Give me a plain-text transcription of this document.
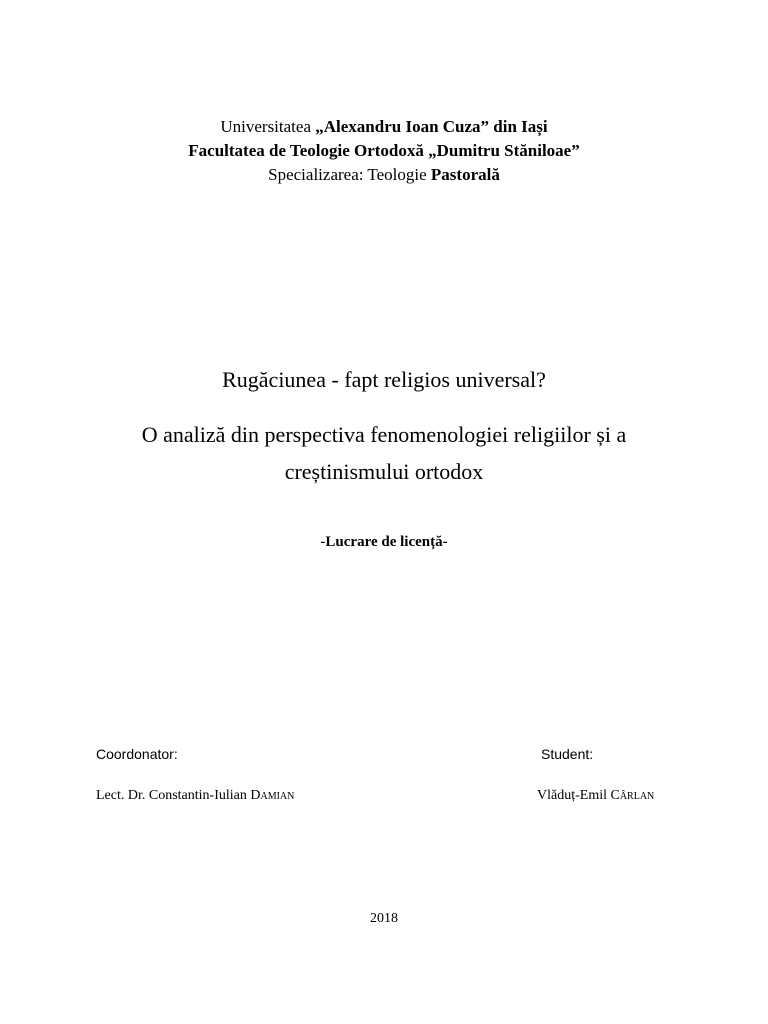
Universitatea „Alexandru Ioan Cuza” din Iași
Facultatea de Teologie Ortodoxă „Dumitru Stăniloae”
Specializarea: Teologie Pastorală
Rugăciunea - fapt religios universal?
O analiză din perspectiva fenomenologiei religiilor și a
creștinismului ortodox
-Lucrare de licență-
Coordonator:	Student:
Lect. Dr. Constantin-Iulian Damian	Vlăduț-Emil Cârlan
2018
